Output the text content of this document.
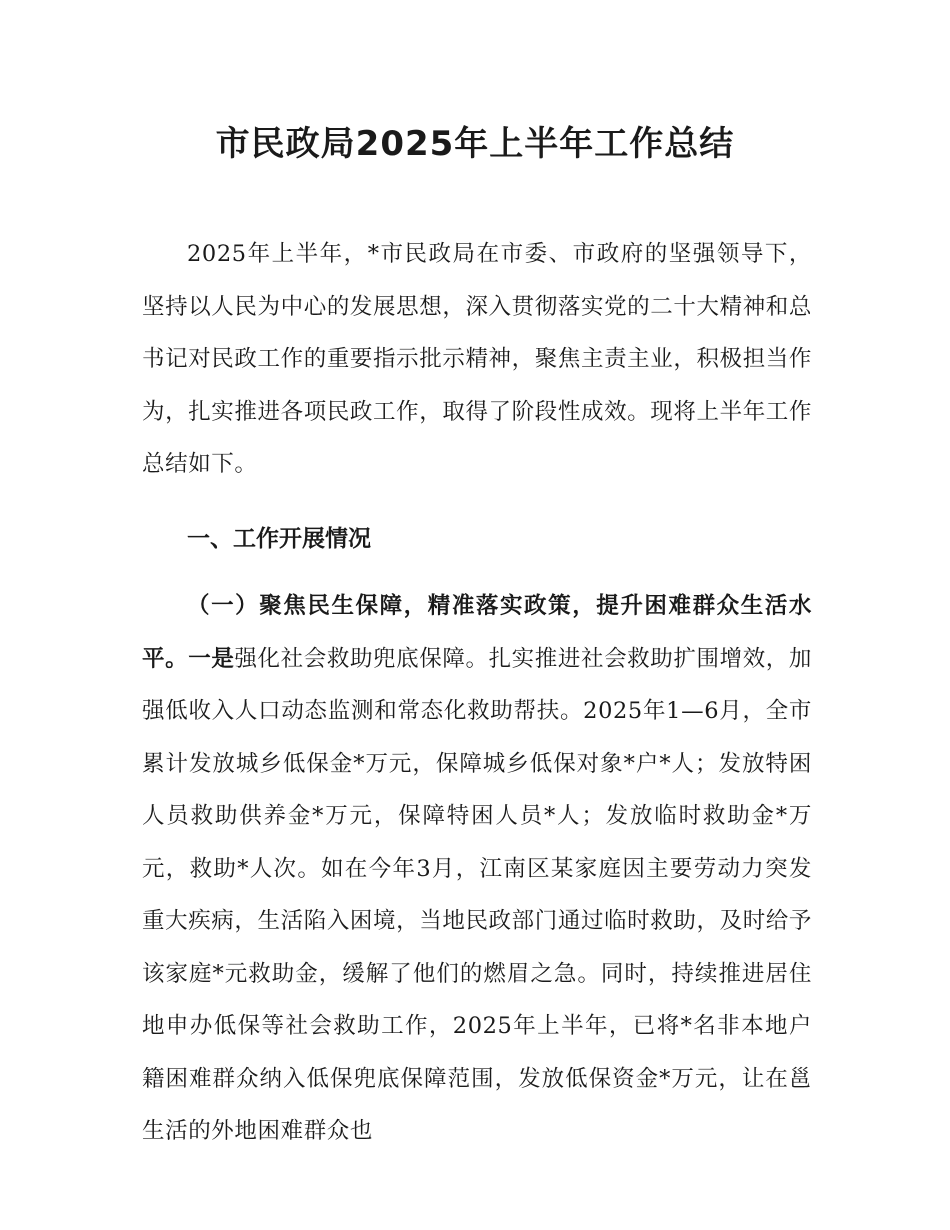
市民政局2025年上半年工作总结
2025年上半年，*市民政局在市委、市政府的坚强领导下，坚持以人民为中心的发展思想，深入贯彻落实党的二十大精神和总书记对民政工作的重要指示批示精神，聚焦主责主业，积极担当作为，扎实推进各项民政工作，取得了阶段性成效。现将上半年工作总结如下。
一、工作开展情况
（一）聚焦民生保障，精准落实政策，提升困难群众生活水平。一是强化社会救助兜底保障。扎实推进社会救助扩围增效，加强低收入人口动态监测和常态化救助帮扶。2025年1—6月，全市累计发放城乡低保金*万元，保障城乡低保对象*户*人；发放特困人员救助供养金*万元，保障特困人员*人；发放临时救助金*万元，救助*人次。如在今年3月，江南区某家庭因主要劳动力突发重大疾病，生活陷入困境，当地民政部门通过临时救助，及时给予该家庭*元救助金，缓解了他们的燃眉之急。同时，持续推进居住地申办低保等社会救助工作，2025年上半年，已将*名非本地户籍困难群众纳入低保兜底保障范围，发放低保资金*万元，让在邕生活的外地困难群众也
